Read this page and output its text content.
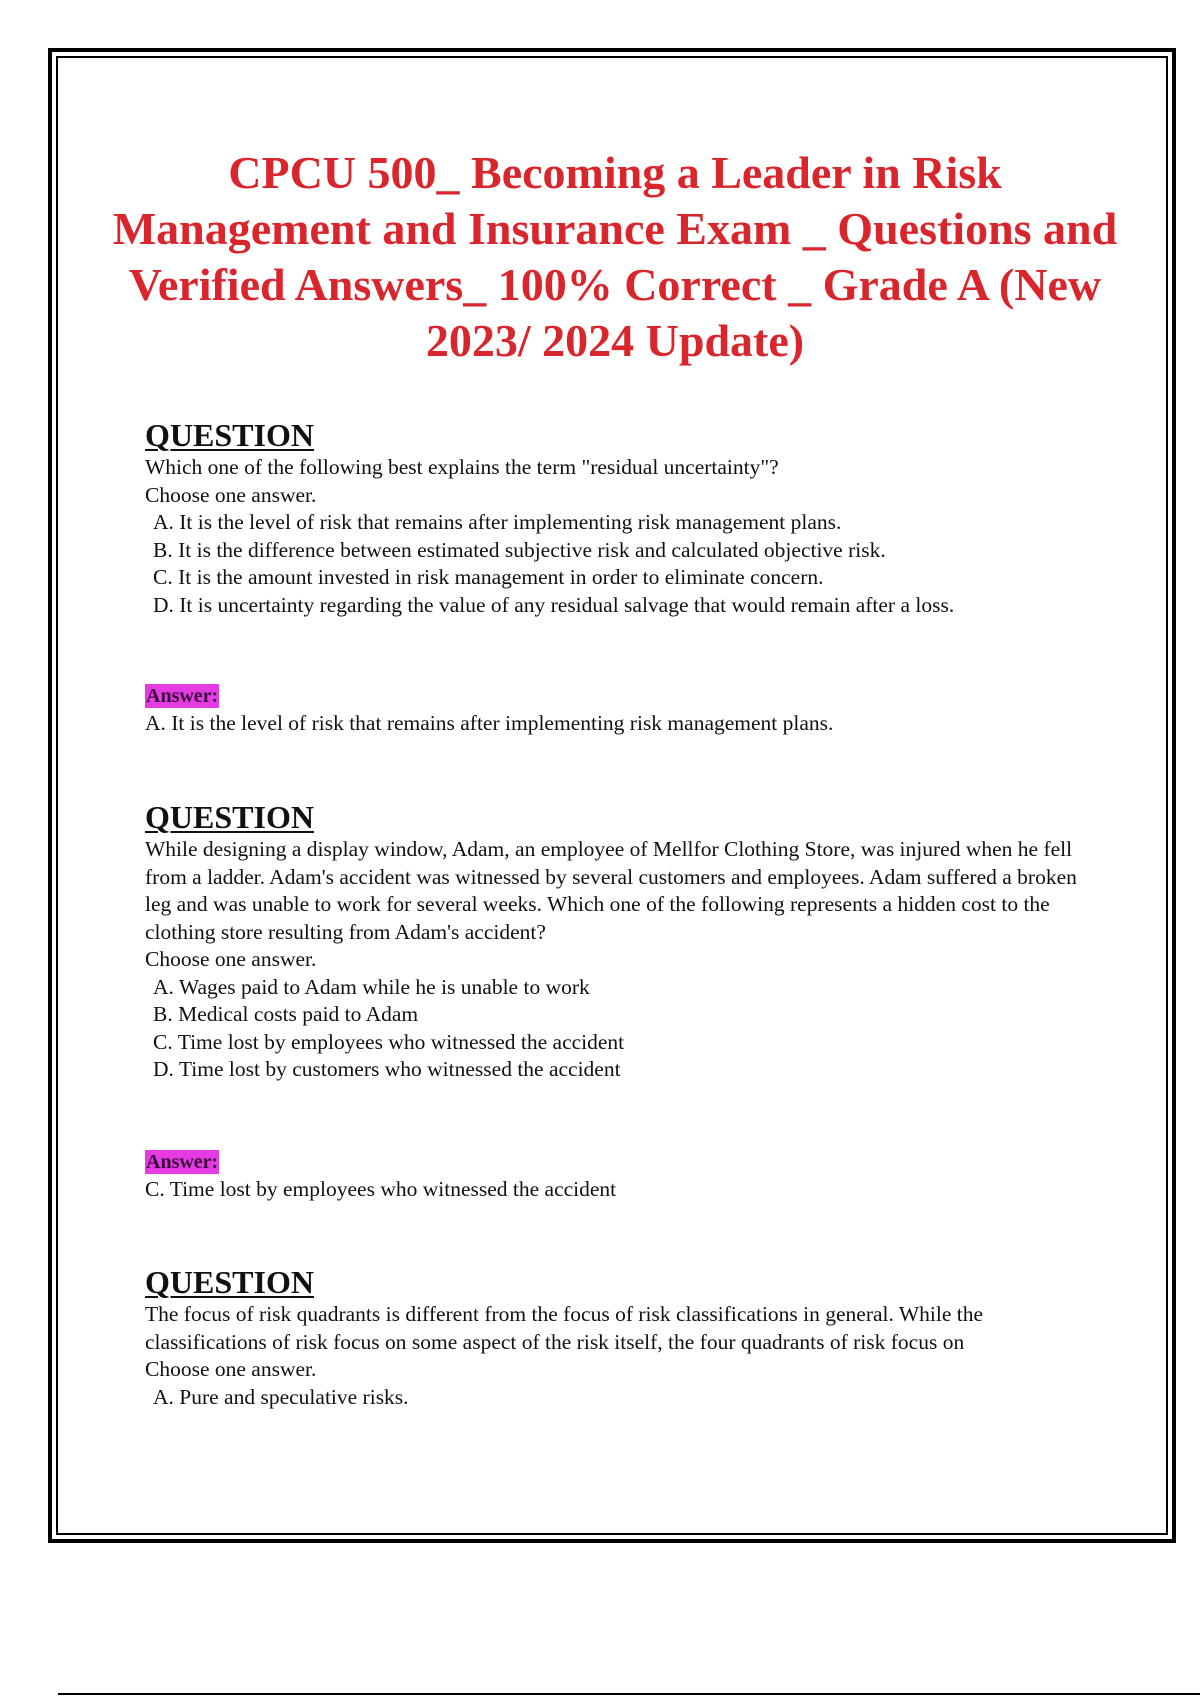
CPCU 500_ Becoming a Leader in Risk Management and Insurance Exam _ Questions and Verified Answers_ 100% Correct _ Grade A (New 2023/ 2024 Update)
QUESTION
Which one of the following best explains the term "residual uncertainty"?
Choose one answer.
A. It is the level of risk that remains after implementing risk management plans.
B. It is the difference between estimated subjective risk and calculated objective risk.
C. It is the amount invested in risk management in order to eliminate concern.
D. It is uncertainty regarding the value of any residual salvage that would remain after a loss.
Answer:
A. It is the level of risk that remains after implementing risk management plans.
QUESTION
While designing a display window, Adam, an employee of Mellfor Clothing Store, was injured when he fell from a ladder. Adam's accident was witnessed by several customers and employees. Adam suffered a broken leg and was unable to work for several weeks. Which one of the following represents a hidden cost to the clothing store resulting from Adam's accident?
Choose one answer.
A. Wages paid to Adam while he is unable to work
B. Medical costs paid to Adam
C. Time lost by employees who witnessed the accident
D. Time lost by customers who witnessed the accident
Answer:
C. Time lost by employees who witnessed the accident
QUESTION
The focus of risk quadrants is different from the focus of risk classifications in general. While the classifications of risk focus on some aspect of the risk itself, the four quadrants of risk focus on
Choose one answer.
A. Pure and speculative risks.
